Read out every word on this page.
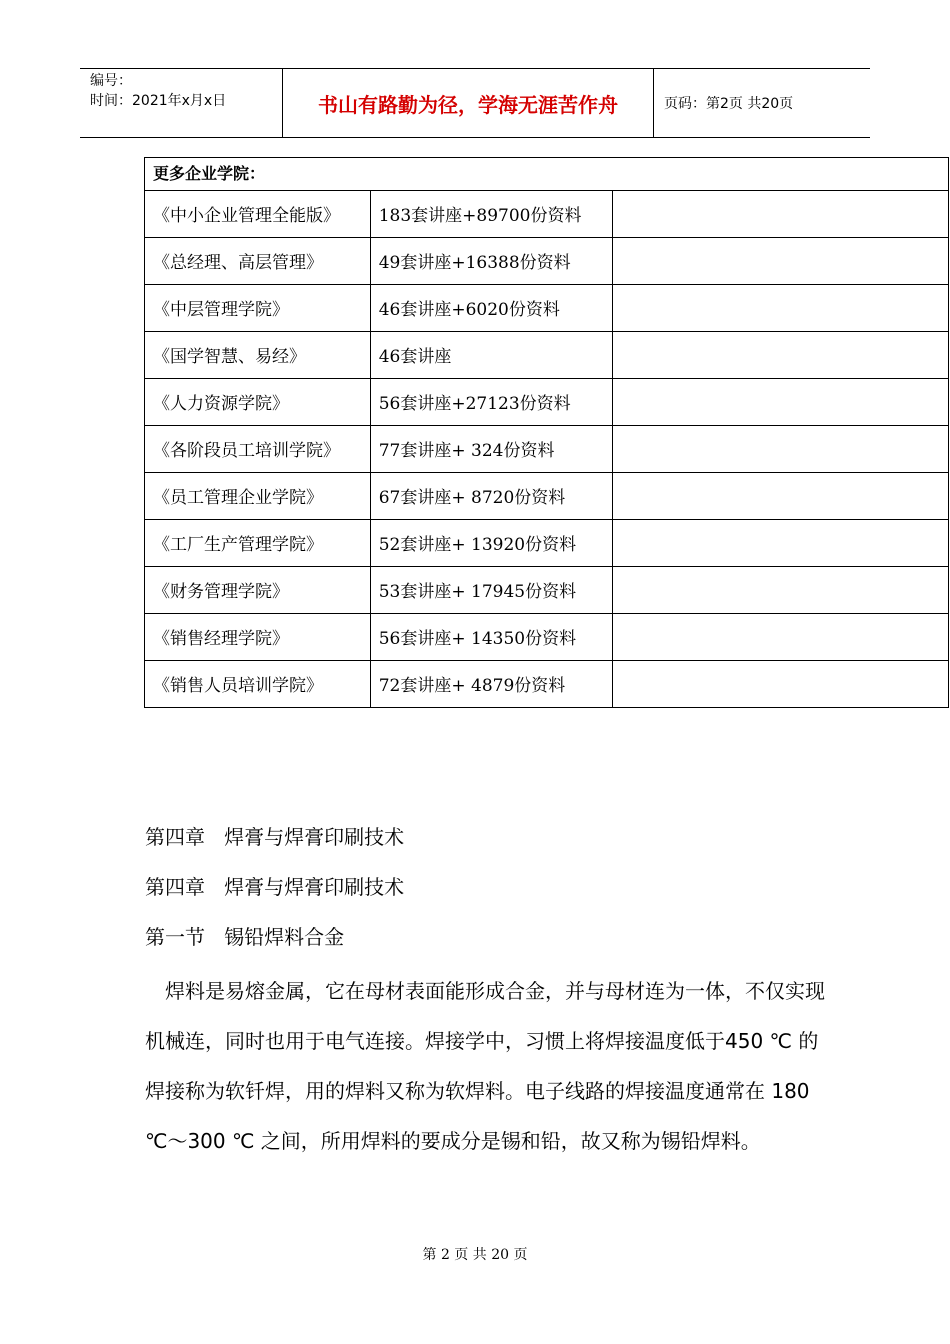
编号：
时间：2021年x月x日	书山有路勤为径，学海无涯苦作舟	页码：第2页 共20页
更多企业学院：		
《中小企业管理全能版》	183套讲座+89700份资料	
《总经理、高层管理》	49套讲座+16388份资料	
《中层管理学院》	46套讲座+6020份资料	
《国学智慧、易经》	46套讲座	
《人力资源学院》	56套讲座+27123份资料	
《各阶段员工培训学院》	77套讲座+ 324份资料	
《员工管理企业学院》	67套讲座+ 8720份资料	
《工厂生产管理学院》	52套讲座+ 13920份资料	
《财务管理学院》	53套讲座+ 17945份资料	
《销售经理学院》	56套讲座+ 14350份资料	
《销售人员培训学院》	72套讲座+ 4879份资料	
第四章   焊膏与焊膏印刷技术
第四章   焊膏与焊膏印刷技术
第一节   锡铅焊料合金

焊料是易熔金属，它在母材表面能形成合金，并与母材连为一体，不仅实现机械连，同时也用于电气连接。焊接学中，习惯上将焊接温度低于450 ℃ 的焊接称为软钎焊，用的焊料又称为软焊料。电子线路的焊接温度通常在 180 ℃～300 ℃ 之间，所用焊料的要成分是锡和铅，故又称为锡铅焊料。

第 2 页 共 20 页
